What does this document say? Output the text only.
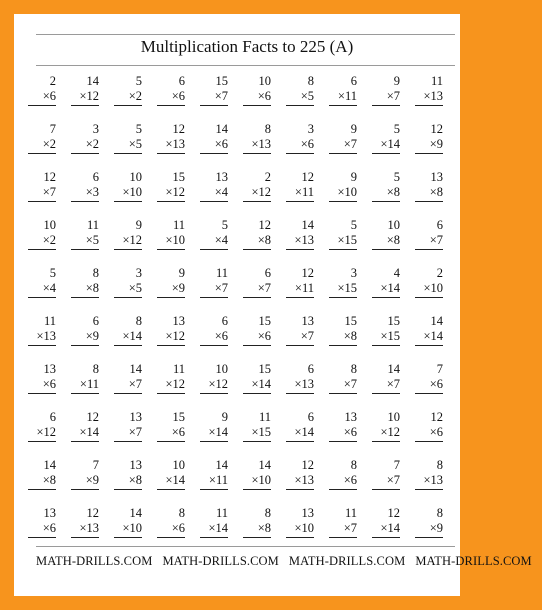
Multiplication Facts to 225 (A)
2
×6
14
×12
5
×2
6
×6
15
×7
10
×6
8
×5
6
×11
9
×7
11
×13
7
×2
3
×2
5
×5
12
×13
14
×6
8
×13
3
×6
9
×7
5
×14
12
×9
12
×7
6
×3
10
×10
15
×12
13
×4
2
×12
12
×11
9
×10
5
×8
13
×8
10
×2
11
×5
9
×12
11
×10
5
×4
12
×8
14
×13
5
×15
10
×8
6
×7
5
×4
8
×8
3
×5
9
×9
11
×7
6
×7
12
×11
3
×15
4
×14
2
×10
11
×13
6
×9
8
×14
13
×12
6
×6
15
×6
13
×7
15
×8
15
×15
14
×14
13
×6
8
×11
14
×7
11
×12
10
×12
15
×14
6
×13
8
×7
14
×7
7
×6
6
×12
12
×14
13
×7
15
×6
9
×14
11
×15
6
×14
13
×6
10
×12
12
×6
14
×8
7
×9
13
×8
10
×14
14
×11
14
×10
12
×13
8
×6
7
×7
8
×13
13
×6
12
×13
14
×10
8
×6
11
×14
8
×8
13
×10
11
×7
12
×14
8
×9
MATH-DRILLS.COM MATH-DRILLS.COM MATH-DRILLS.COM MATH-DRILLS.COM
